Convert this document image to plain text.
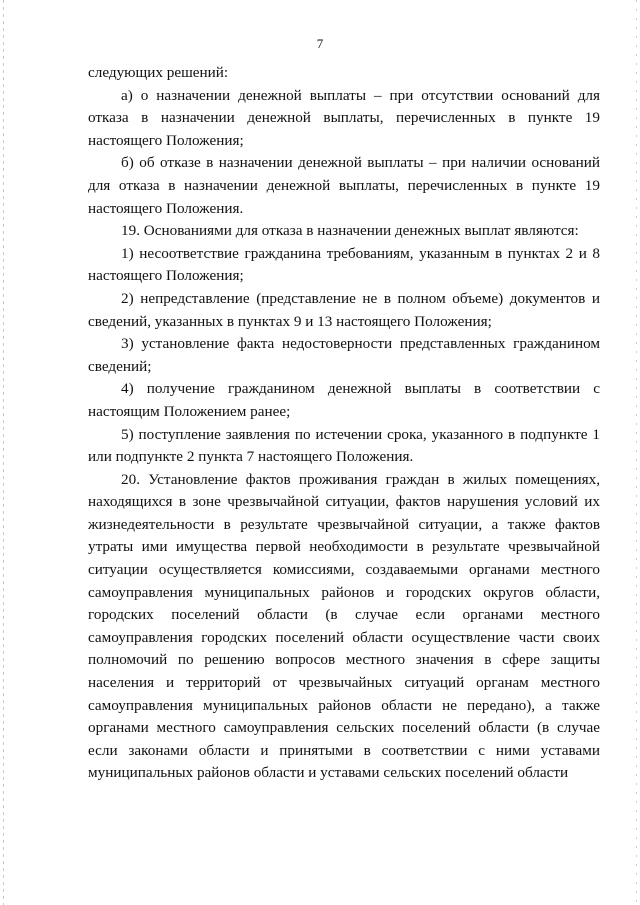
7

следующих решений:

а) о назначении денежной выплаты – при отсутствии оснований для отказа в назначении денежной выплаты, перечисленных в пункте 19 настоящего Положения;

б) об отказе в назначении денежной выплаты – при наличии оснований для отказа в назначении денежной выплаты, перечисленных в пункте 19 настоящего Положения.

19. Основаниями для отказа в назначении денежных выплат являются:

1) несоответствие гражданина требованиям, указанным в пунктах 2 и 8 настоящего Положения;

2) непредставление (представление не в полном объеме) документов и сведений, указанных в пунктах 9 и 13 настоящего Положения;

3) установление факта недостоверности представленных гражданином сведений;

4) получение гражданином денежной выплаты в соответствии с настоящим Положением ранее;

5) поступление заявления по истечении срока, указанного в подпункте 1 или подпункте 2 пункта 7 настоящего Положения.

20. Установление фактов проживания граждан в жилых помещениях, находящихся в зоне чрезвычайной ситуации, фактов нарушения условий их жизнедеятельности в результате чрезвычайной ситуации, а также фактов утраты ими имущества первой необходимости в результате чрезвычайной ситуации осуществляется комиссиями, создаваемыми органами местного самоуправления муниципальных районов и городских округов области, городских поселений области (в случае если органами местного самоуправления городских поселений области осуществление части своих полномочий по решению вопросов местного значения в сфере защиты населения и территорий от чрезвычайных ситуаций органам местного самоуправления муниципальных районов области не передано), а также органами местного самоуправления сельских поселений области (в случае если законами области и принятыми в соответствии с ними уставами муниципальных районов области и уставами сельских поселений области
